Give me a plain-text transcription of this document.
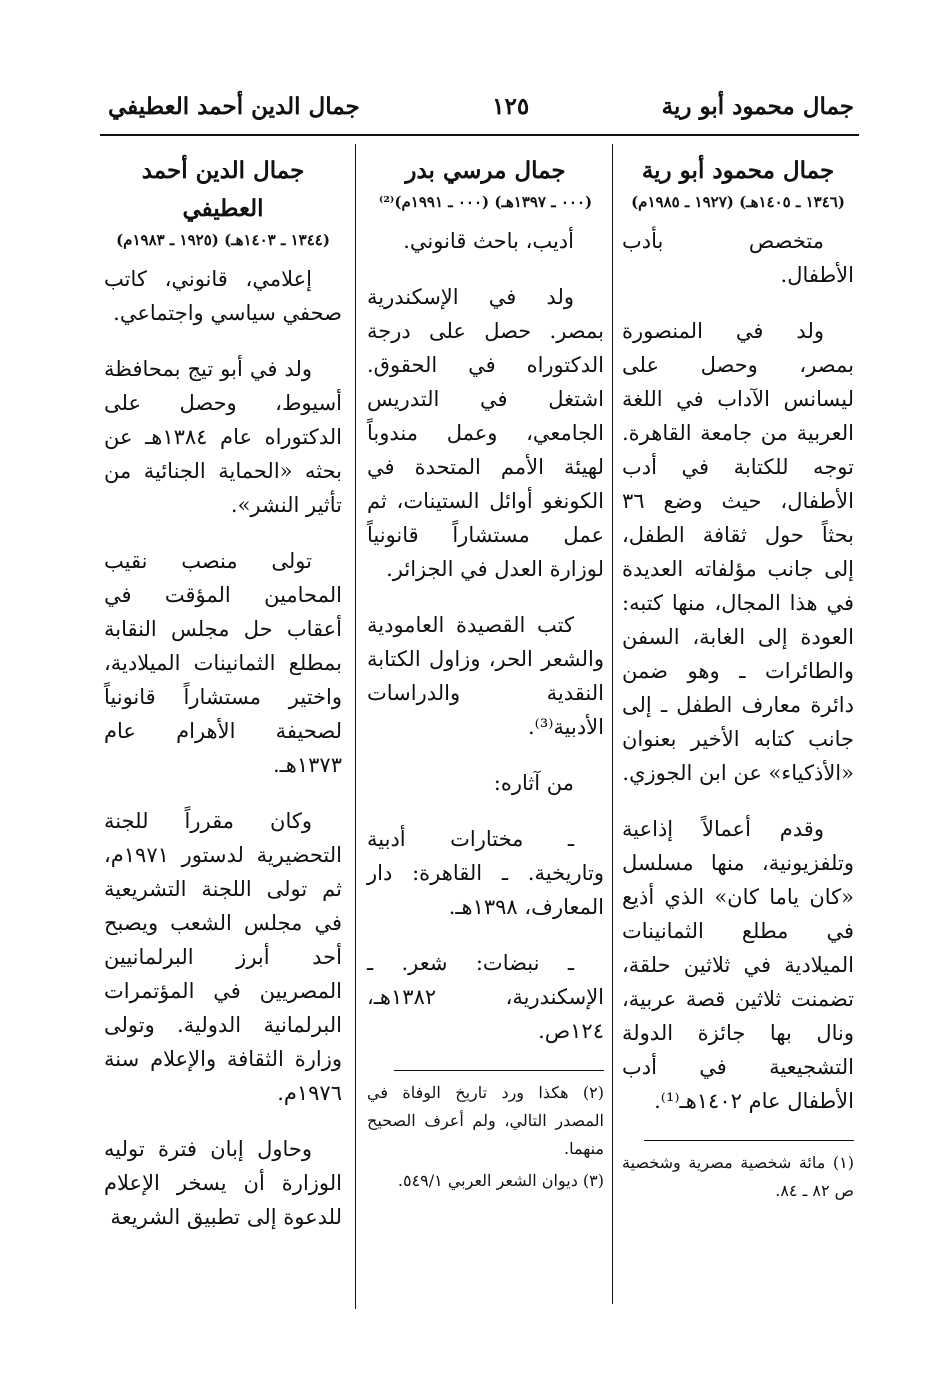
جمال محمود أبو رية
١٢٥
جمال الدين أحمد العطيفي
جمال محمود أبو رية
(١٣٤٦ ـ ١٤٠٥هـ) (١٩٢٧ ـ ١٩٨٥م)

متخصص بأدب الأطفال.

ولد في المنصورة بمصر، وحصل على ليسانس الآداب في اللغة العربية من جامعة القاهرة. توجه للكتابة في أدب الأطفال، حيث وضع ٣٦ بحثاً حول ثقافة الطفل، إلى جانب مؤلفاته العديدة في هذا المجال، منها كتبه: العودة إلى الغابة، السفن والطائرات ـ وهو ضمن دائرة معارف الطفل ـ إلى جانب كتابه الأخير بعنوان «الأذكياء» عن ابن الجوزي.

وقدم أعمالاً إذاعية وتلفزيونية، منها مسلسل «كان ياما كان» الذي أذيع في مطلع الثمانينات الميلادية في ثلاثين حلقة، تضمنت ثلاثين قصة عربية، ونال بها جائزة الدولة التشجيعية في أدب الأطفال عام ١٤٠٢هـ⁽¹⁾.

(١) مائة شخصية مصرية وشخصية ص ٨٢ ـ ٨٤.

جمال مرسي بدر
(٠٠٠ ـ ١٣٩٧هـ) (٠٠٠ ـ ١٩٩١م)⁽²⁾

أديب، باحث قانوني.

ولد في الإسكندرية بمصر. حصل على درجة الدكتوراه في الحقوق. اشتغل في التدريس الجامعي، وعمل مندوباً لهيئة الأمم المتحدة في الكونغو أوائل الستينات، ثم عمل مستشاراً قانونياً لوزارة العدل في الجزائر.

كتب القصيدة العامودية والشعر الحر، وزاول الكتابة النقدية والدراسات الأدبية⁽³⁾.

من آثاره:

ـ مختارات أدبية وتاريخية. ـ القاهرة: دار المعارف، ١٣٩٨هـ.

ـ نبضات: شعر. ـ الإسكندرية، ١٣٨٢هـ، ١٢٤ص.

(٢) هكذا ورد تاريخ الوفاة في المصدر التالي، ولم أعرف الصحيح منهما.

(٣) ديوان الشعر العربي ٥٤٩/١.

جمال الدين أحمد العطيفي
(١٣٤٤ ـ ١٤٠٣هـ) (١٩٢٥ ـ ١٩٨٣م)

إعلامي، قانوني، كاتب صحفي سياسي واجتماعي.

ولد في أبو تيج بمحافظة أسيوط، وحصل على الدكتوراه عام ١٣٨٤هـ عن بحثه «الحماية الجنائية من تأثير النشر».

تولى منصب نقيب المحامين المؤقت في أعقاب حل مجلس النقابة بمطلع الثمانينات الميلادية، واختير مستشاراً قانونياً لصحيفة الأهرام عام ١٣٧٣هـ.

وكان مقرراً للجنة التحضيرية لدستور ١٩٧١م، ثم تولى اللجنة التشريعية في مجلس الشعب ويصبح أحد أبرز البرلمانيين المصريين في المؤتمرات البرلمانية الدولية. وتولى وزارة الثقافة والإعلام سنة ١٩٧٦م.

وحاول إبان فترة توليه الوزارة أن يسخر الإعلام للدعوة إلى تطبيق الشريعة
